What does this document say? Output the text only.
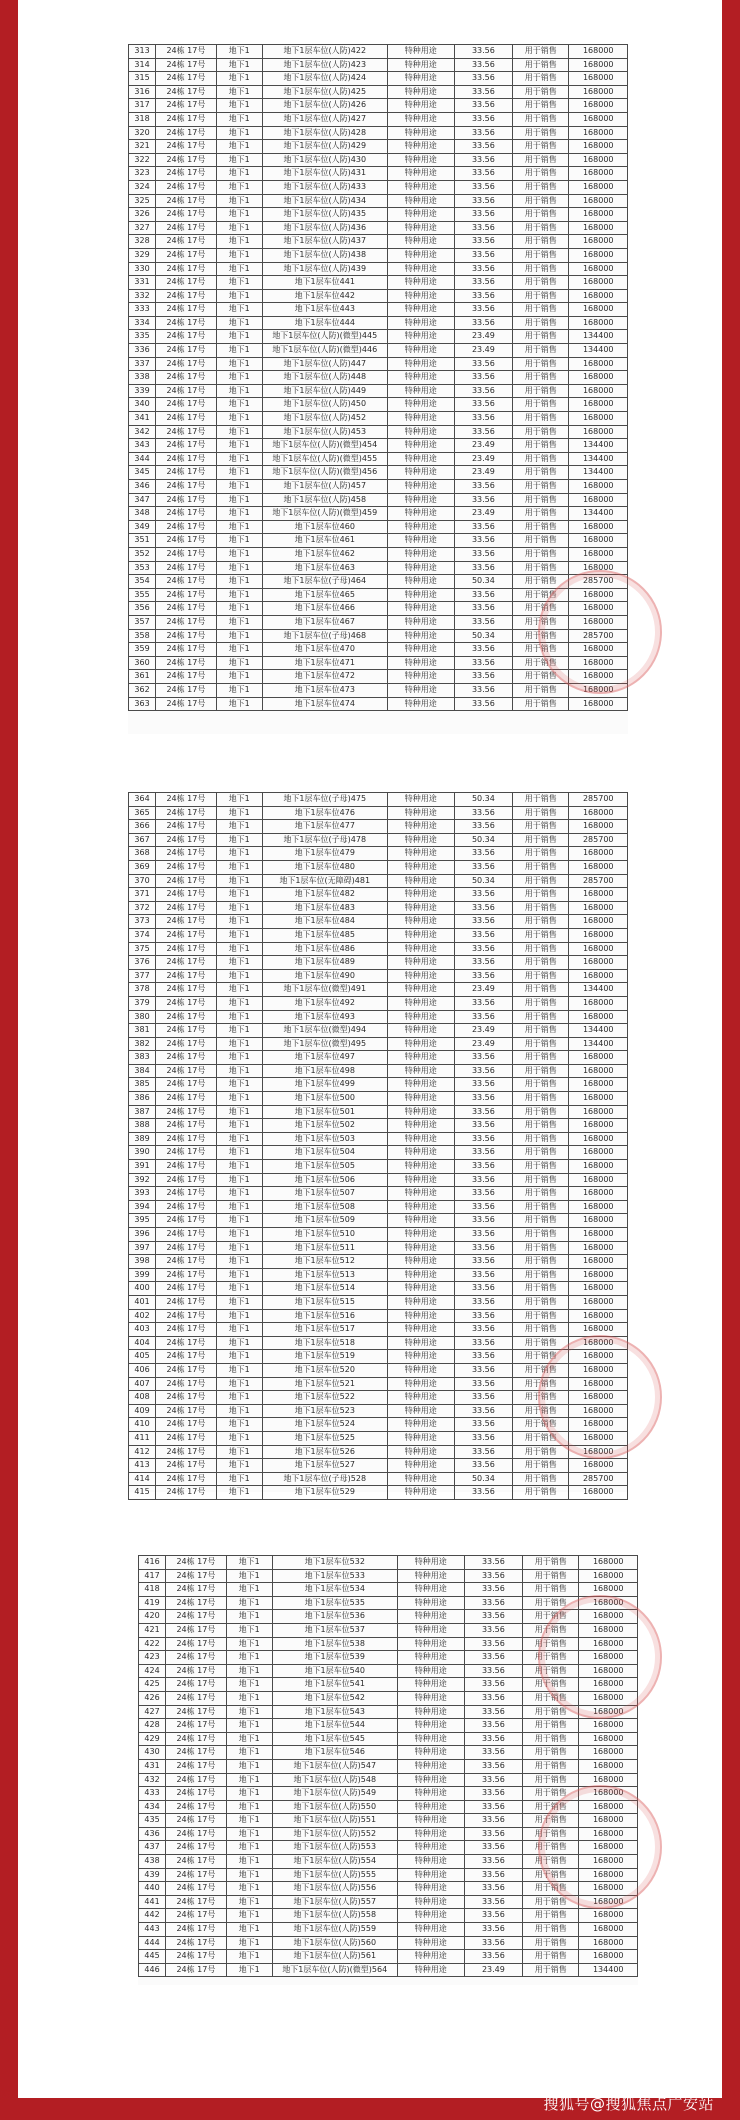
313	24栋 17号	地下1	地下1层车位(人防)422	特种用途	33.56	用于销售	168000
314	24栋 17号	地下1	地下1层车位(人防)423	特种用途	33.56	用于销售	168000
315	24栋 17号	地下1	地下1层车位(人防)424	特种用途	33.56	用于销售	168000
316	24栋 17号	地下1	地下1层车位(人防)425	特种用途	33.56	用于销售	168000
317	24栋 17号	地下1	地下1层车位(人防)426	特种用途	33.56	用于销售	168000
318	24栋 17号	地下1	地下1层车位(人防)427	特种用途	33.56	用于销售	168000
320	24栋 17号	地下1	地下1层车位(人防)428	特种用途	33.56	用于销售	168000
321	24栋 17号	地下1	地下1层车位(人防)429	特种用途	33.56	用于销售	168000
322	24栋 17号	地下1	地下1层车位(人防)430	特种用途	33.56	用于销售	168000
323	24栋 17号	地下1	地下1层车位(人防)431	特种用途	33.56	用于销售	168000
324	24栋 17号	地下1	地下1层车位(人防)433	特种用途	33.56	用于销售	168000
325	24栋 17号	地下1	地下1层车位(人防)434	特种用途	33.56	用于销售	168000
326	24栋 17号	地下1	地下1层车位(人防)435	特种用途	33.56	用于销售	168000
327	24栋 17号	地下1	地下1层车位(人防)436	特种用途	33.56	用于销售	168000
328	24栋 17号	地下1	地下1层车位(人防)437	特种用途	33.56	用于销售	168000
329	24栋 17号	地下1	地下1层车位(人防)438	特种用途	33.56	用于销售	168000
330	24栋 17号	地下1	地下1层车位(人防)439	特种用途	33.56	用于销售	168000
331	24栋 17号	地下1	地下1层车位441	特种用途	33.56	用于销售	168000
332	24栋 17号	地下1	地下1层车位442	特种用途	33.56	用于销售	168000
333	24栋 17号	地下1	地下1层车位443	特种用途	33.56	用于销售	168000
334	24栋 17号	地下1	地下1层车位444	特种用途	33.56	用于销售	168000
335	24栋 17号	地下1	地下1层车位(人防)(微型)445	特种用途	23.49	用于销售	134400
336	24栋 17号	地下1	地下1层车位(人防)(微型)446	特种用途	23.49	用于销售	134400
337	24栋 17号	地下1	地下1层车位(人防)447	特种用途	33.56	用于销售	168000
338	24栋 17号	地下1	地下1层车位(人防)448	特种用途	33.56	用于销售	168000
339	24栋 17号	地下1	地下1层车位(人防)449	特种用途	33.56	用于销售	168000
340	24栋 17号	地下1	地下1层车位(人防)450	特种用途	33.56	用于销售	168000
341	24栋 17号	地下1	地下1层车位(人防)452	特种用途	33.56	用于销售	168000
342	24栋 17号	地下1	地下1层车位(人防)453	特种用途	33.56	用于销售	168000
343	24栋 17号	地下1	地下1层车位(人防)(微型)454	特种用途	23.49	用于销售	134400
344	24栋 17号	地下1	地下1层车位(人防)(微型)455	特种用途	23.49	用于销售	134400
345	24栋 17号	地下1	地下1层车位(人防)(微型)456	特种用途	23.49	用于销售	134400
346	24栋 17号	地下1	地下1层车位(人防)457	特种用途	33.56	用于销售	168000
347	24栋 17号	地下1	地下1层车位(人防)458	特种用途	33.56	用于销售	168000
348	24栋 17号	地下1	地下1层车位(人防)(微型)459	特种用途	23.49	用于销售	134400
349	24栋 17号	地下1	地下1层车位460	特种用途	33.56	用于销售	168000
351	24栋 17号	地下1	地下1层车位461	特种用途	33.56	用于销售	168000
352	24栋 17号	地下1	地下1层车位462	特种用途	33.56	用于销售	168000
353	24栋 17号	地下1	地下1层车位463	特种用途	33.56	用于销售	168000
354	24栋 17号	地下1	地下1层车位(子母)464	特种用途	50.34	用于销售	285700
355	24栋 17号	地下1	地下1层车位465	特种用途	33.56	用于销售	168000
356	24栋 17号	地下1	地下1层车位466	特种用途	33.56	用于销售	168000
357	24栋 17号	地下1	地下1层车位467	特种用途	33.56	用于销售	168000
358	24栋 17号	地下1	地下1层车位(子母)468	特种用途	50.34	用于销售	285700
359	24栋 17号	地下1	地下1层车位470	特种用途	33.56	用于销售	168000
360	24栋 17号	地下1	地下1层车位471	特种用途	33.56	用于销售	168000
361	24栋 17号	地下1	地下1层车位472	特种用途	33.56	用于销售	168000
362	24栋 17号	地下1	地下1层车位473	特种用途	33.56	用于销售	168000
363	24栋 17号	地下1	地下1层车位474	特种用途	33.56	用于销售	168000
364	24栋 17号	地下1	地下1层车位(子母)475	特种用途	50.34	用于销售	285700
365	24栋 17号	地下1	地下1层车位476	特种用途	33.56	用于销售	168000
366	24栋 17号	地下1	地下1层车位477	特种用途	33.56	用于销售	168000
367	24栋 17号	地下1	地下1层车位(子母)478	特种用途	50.34	用于销售	285700
368	24栋 17号	地下1	地下1层车位479	特种用途	33.56	用于销售	168000
369	24栋 17号	地下1	地下1层车位480	特种用途	33.56	用于销售	168000
370	24栋 17号	地下1	地下1层车位(无障碍)481	特种用途	50.34	用于销售	285700
371	24栋 17号	地下1	地下1层车位482	特种用途	33.56	用于销售	168000
372	24栋 17号	地下1	地下1层车位483	特种用途	33.56	用于销售	168000
373	24栋 17号	地下1	地下1层车位484	特种用途	33.56	用于销售	168000
374	24栋 17号	地下1	地下1层车位485	特种用途	33.56	用于销售	168000
375	24栋 17号	地下1	地下1层车位486	特种用途	33.56	用于销售	168000
376	24栋 17号	地下1	地下1层车位489	特种用途	33.56	用于销售	168000
377	24栋 17号	地下1	地下1层车位490	特种用途	33.56	用于销售	168000
378	24栋 17号	地下1	地下1层车位(微型)491	特种用途	23.49	用于销售	134400
379	24栋 17号	地下1	地下1层车位492	特种用途	33.56	用于销售	168000
380	24栋 17号	地下1	地下1层车位493	特种用途	33.56	用于销售	168000
381	24栋 17号	地下1	地下1层车位(微型)494	特种用途	23.49	用于销售	134400
382	24栋 17号	地下1	地下1层车位(微型)495	特种用途	23.49	用于销售	134400
383	24栋 17号	地下1	地下1层车位497	特种用途	33.56	用于销售	168000
384	24栋 17号	地下1	地下1层车位498	特种用途	33.56	用于销售	168000
385	24栋 17号	地下1	地下1层车位499	特种用途	33.56	用于销售	168000
386	24栋 17号	地下1	地下1层车位500	特种用途	33.56	用于销售	168000
387	24栋 17号	地下1	地下1层车位501	特种用途	33.56	用于销售	168000
388	24栋 17号	地下1	地下1层车位502	特种用途	33.56	用于销售	168000
389	24栋 17号	地下1	地下1层车位503	特种用途	33.56	用于销售	168000
390	24栋 17号	地下1	地下1层车位504	特种用途	33.56	用于销售	168000
391	24栋 17号	地下1	地下1层车位505	特种用途	33.56	用于销售	168000
392	24栋 17号	地下1	地下1层车位506	特种用途	33.56	用于销售	168000
393	24栋 17号	地下1	地下1层车位507	特种用途	33.56	用于销售	168000
394	24栋 17号	地下1	地下1层车位508	特种用途	33.56	用于销售	168000
395	24栋 17号	地下1	地下1层车位509	特种用途	33.56	用于销售	168000
396	24栋 17号	地下1	地下1层车位510	特种用途	33.56	用于销售	168000
397	24栋 17号	地下1	地下1层车位511	特种用途	33.56	用于销售	168000
398	24栋 17号	地下1	地下1层车位512	特种用途	33.56	用于销售	168000
399	24栋 17号	地下1	地下1层车位513	特种用途	33.56	用于销售	168000
400	24栋 17号	地下1	地下1层车位514	特种用途	33.56	用于销售	168000
401	24栋 17号	地下1	地下1层车位515	特种用途	33.56	用于销售	168000
402	24栋 17号	地下1	地下1层车位516	特种用途	33.56	用于销售	168000
403	24栋 17号	地下1	地下1层车位517	特种用途	33.56	用于销售	168000
404	24栋 17号	地下1	地下1层车位518	特种用途	33.56	用于销售	168000
405	24栋 17号	地下1	地下1层车位519	特种用途	33.56	用于销售	168000
406	24栋 17号	地下1	地下1层车位520	特种用途	33.56	用于销售	168000
407	24栋 17号	地下1	地下1层车位521	特种用途	33.56	用于销售	168000
408	24栋 17号	地下1	地下1层车位522	特种用途	33.56	用于销售	168000
409	24栋 17号	地下1	地下1层车位523	特种用途	33.56	用于销售	168000
410	24栋 17号	地下1	地下1层车位524	特种用途	33.56	用于销售	168000
411	24栋 17号	地下1	地下1层车位525	特种用途	33.56	用于销售	168000
412	24栋 17号	地下1	地下1层车位526	特种用途	33.56	用于销售	168000
413	24栋 17号	地下1	地下1层车位527	特种用途	33.56	用于销售	168000
414	24栋 17号	地下1	地下1层车位(子母)528	特种用途	50.34	用于销售	285700
415	24栋 17号	地下1	地下1层车位529	特种用途	33.56	用于销售	168000
416	24栋 17号	地下1	地下1层车位532	特种用途	33.56	用于销售	168000
417	24栋 17号	地下1	地下1层车位533	特种用途	33.56	用于销售	168000
418	24栋 17号	地下1	地下1层车位534	特种用途	33.56	用于销售	168000
419	24栋 17号	地下1	地下1层车位535	特种用途	33.56	用于销售	168000
420	24栋 17号	地下1	地下1层车位536	特种用途	33.56	用于销售	168000
421	24栋 17号	地下1	地下1层车位537	特种用途	33.56	用于销售	168000
422	24栋 17号	地下1	地下1层车位538	特种用途	33.56	用于销售	168000
423	24栋 17号	地下1	地下1层车位539	特种用途	33.56	用于销售	168000
424	24栋 17号	地下1	地下1层车位540	特种用途	33.56	用于销售	168000
425	24栋 17号	地下1	地下1层车位541	特种用途	33.56	用于销售	168000
426	24栋 17号	地下1	地下1层车位542	特种用途	33.56	用于销售	168000
427	24栋 17号	地下1	地下1层车位543	特种用途	33.56	用于销售	168000
428	24栋 17号	地下1	地下1层车位544	特种用途	33.56	用于销售	168000
429	24栋 17号	地下1	地下1层车位545	特种用途	33.56	用于销售	168000
430	24栋 17号	地下1	地下1层车位546	特种用途	33.56	用于销售	168000
431	24栋 17号	地下1	地下1层车位(人防)547	特种用途	33.56	用于销售	168000
432	24栋 17号	地下1	地下1层车位(人防)548	特种用途	33.56	用于销售	168000
433	24栋 17号	地下1	地下1层车位(人防)549	特种用途	33.56	用于销售	168000
434	24栋 17号	地下1	地下1层车位(人防)550	特种用途	33.56	用于销售	168000
435	24栋 17号	地下1	地下1层车位(人防)551	特种用途	33.56	用于销售	168000
436	24栋 17号	地下1	地下1层车位(人防)552	特种用途	33.56	用于销售	168000
437	24栋 17号	地下1	地下1层车位(人防)553	特种用途	33.56	用于销售	168000
438	24栋 17号	地下1	地下1层车位(人防)554	特种用途	33.56	用于销售	168000
439	24栋 17号	地下1	地下1层车位(人防)555	特种用途	33.56	用于销售	168000
440	24栋 17号	地下1	地下1层车位(人防)556	特种用途	33.56	用于销售	168000
441	24栋 17号	地下1	地下1层车位(人防)557	特种用途	33.56	用于销售	168000
442	24栋 17号	地下1	地下1层车位(人防)558	特种用途	33.56	用于销售	168000
443	24栋 17号	地下1	地下1层车位(人防)559	特种用途	33.56	用于销售	168000
444	24栋 17号	地下1	地下1层车位(人防)560	特种用途	33.56	用于销售	168000
445	24栋 17号	地下1	地下1层车位(人防)561	特种用途	33.56	用于销售	168000
446	24栋 17号	地下1	地下1层车位(人防)(微型)564	特种用途	23.49	用于销售	134400
搜狐号@搜狐焦点广安站
